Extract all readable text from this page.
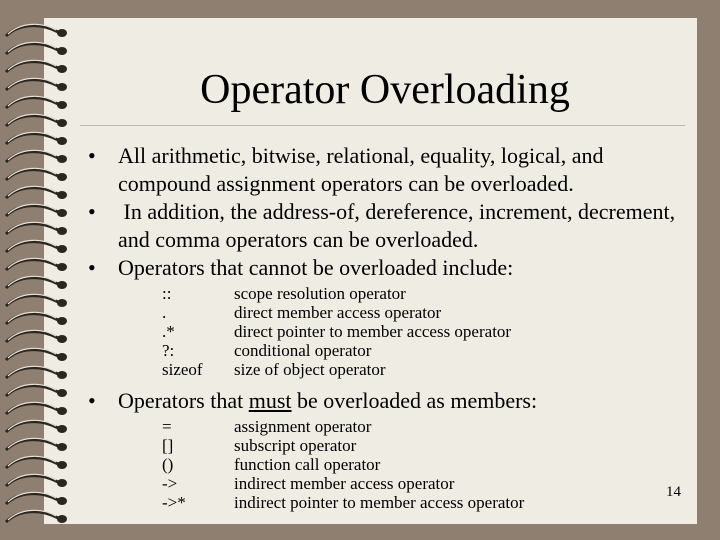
Operator Overloading
• All arithmetic, bitwise, relational, equality, logical, and compound assignment operators can be overloaded.
• In addition, the address-of, dereference, increment, decrement, and comma operators can be overloaded.
• Operators that cannot be overloaded include:
::	scope resolution operator
.	direct member access operator
.*	direct pointer to member access operator
?:	conditional operator
sizeof	size of object operator
• Operators that must be overloaded as members:
=	assignment operator
[]	subscript operator
()	function call operator
->	indirect member access operator
->*	indirect pointer to member access operator
14
